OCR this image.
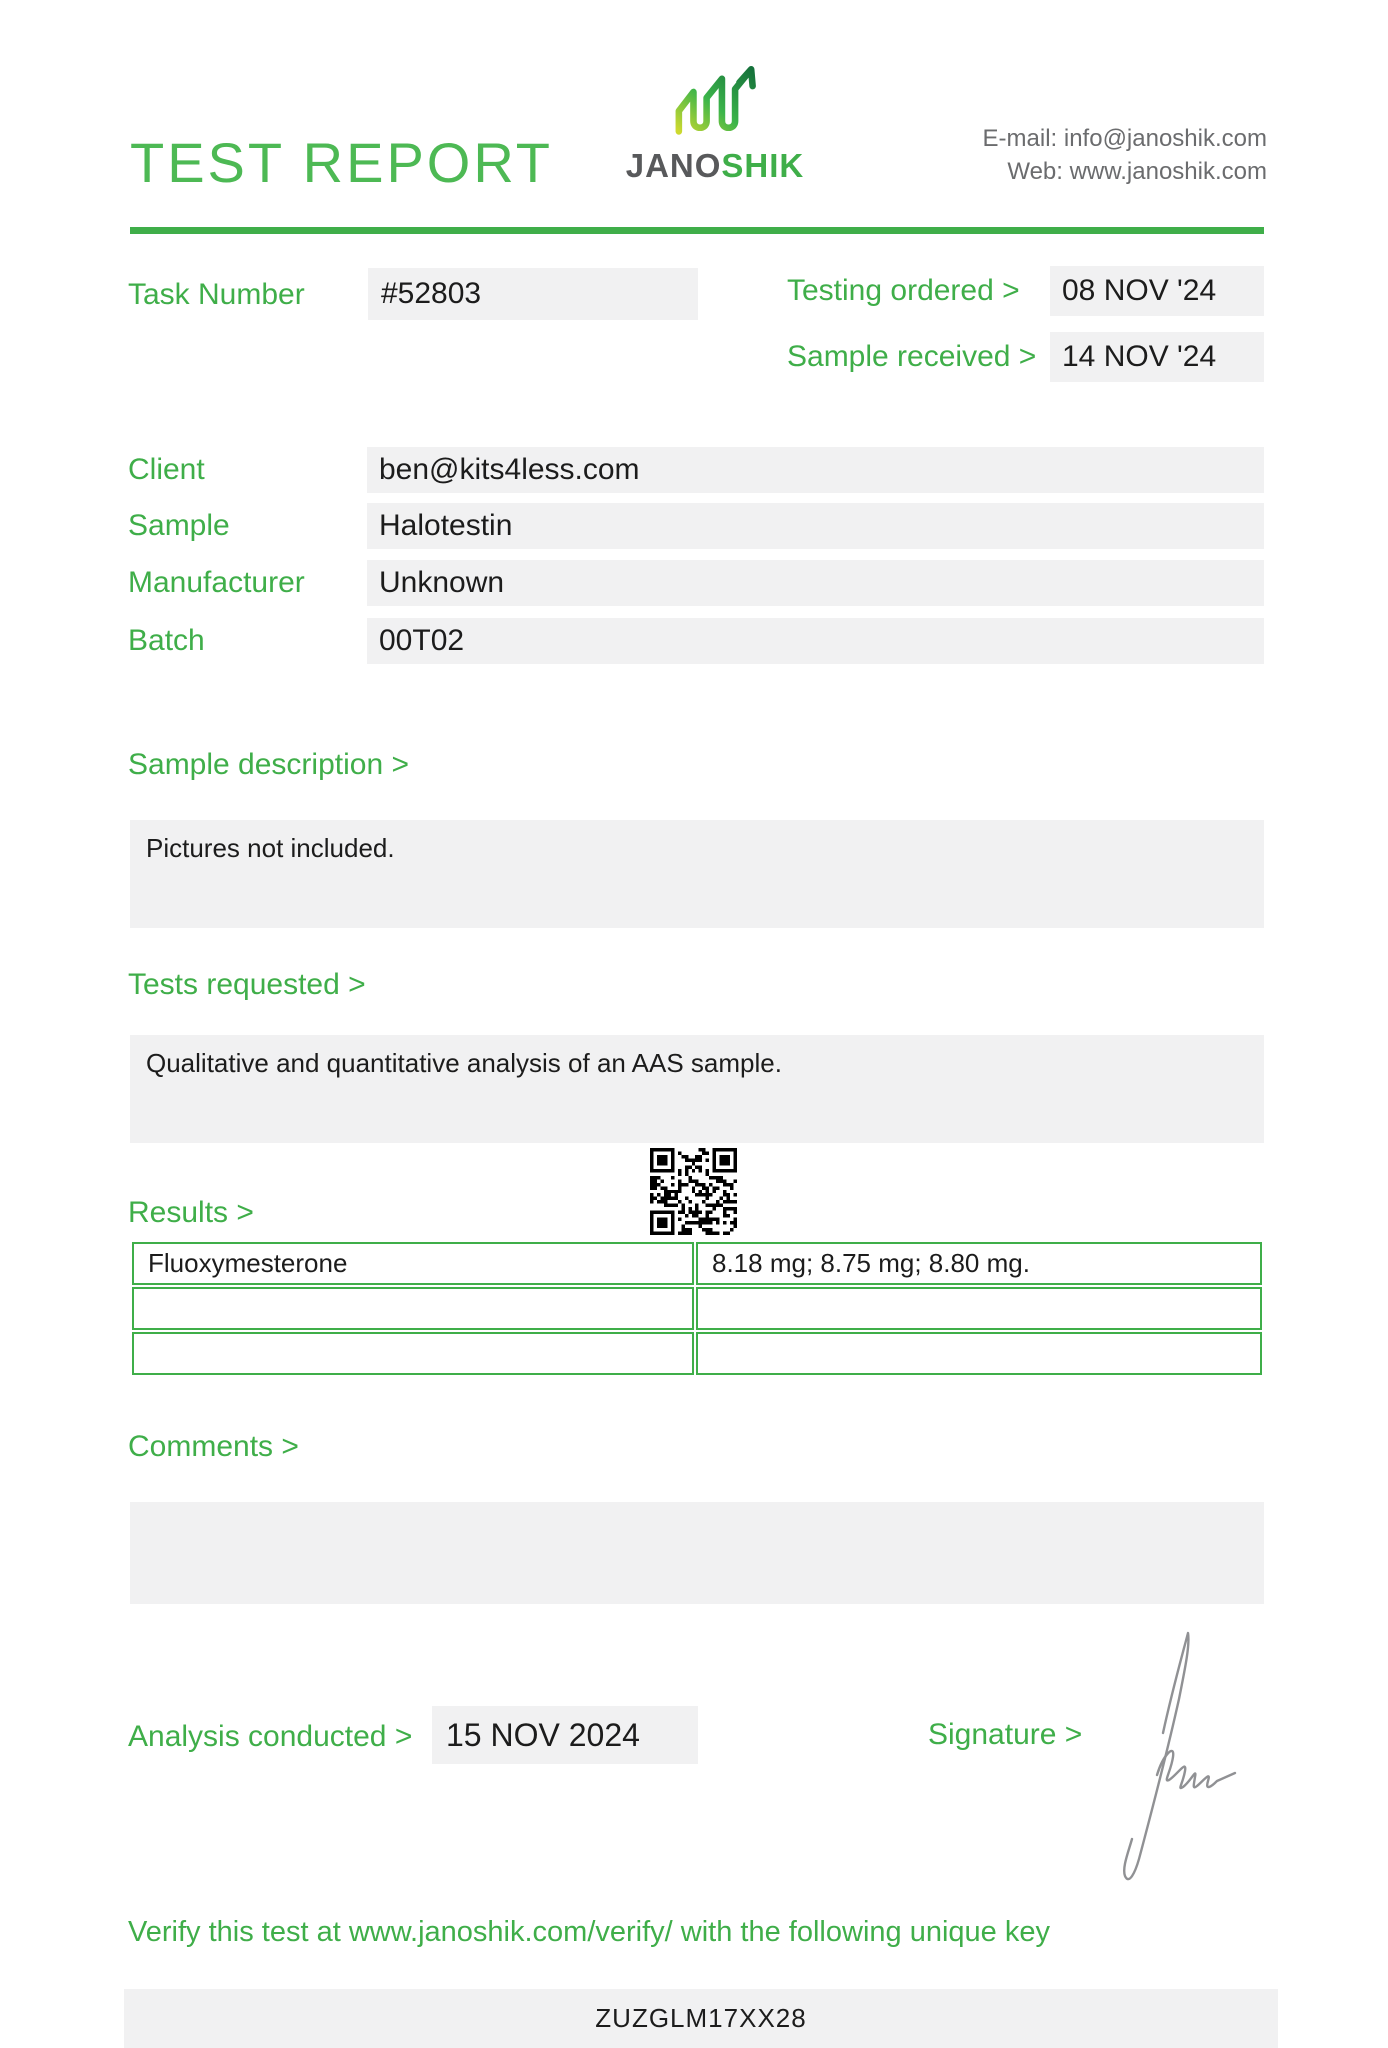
TEST REPORT	JANOSHIK
E-mail: info@janoshik.com
Web: www.janoshik.com
Task Number	#52803	Testing ordered >	08 NOV '24
Sample received > 14 NOV '24
Client	ben@kits4less.com
Sample	Halotestin
Manufacturer	Unknown
Batch	00T02
Sample description >
Pictures not included.
Tests requested >
Qualitative and quantitative analysis of an AAS sample.
Results >
Fluoxymesterone	8.18 mg; 8.75 mg; 8.80 mg.

Comments >
Analysis conducted >	15 NOV 2024	Signature >
Verify this test at www.janoshik.com/verify/ with the following unique key
ZUZGLM17XX28
